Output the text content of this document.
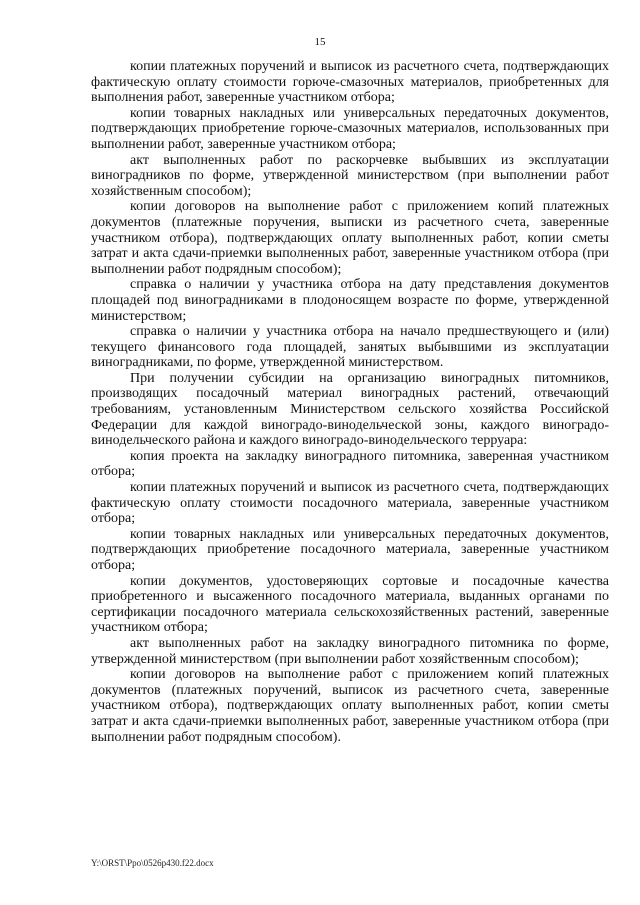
15

копии платежных поручений и выписок из расчетного счета, подтверждающих фактическую оплату стоимости горюче-смазочных материалов, приобретенных для выполнения работ, заверенные участником отбора;

копии товарных накладных или универсальных передаточных документов, подтверждающих приобретение горюче-смазочных материалов, использованных при выполнении работ, заверенные участником отбора;

акт выполненных работ по раскорчевке выбывших из эксплуатации виноградников по форме, утвержденной министерством (при выполнении работ хозяйственным способом);

копии договоров на выполнение работ с приложением копий платежных документов (платежные поручения, выписки из расчетного счета, заверенные участником отбора), подтверждающих оплату выполненных работ, копии сметы затрат и акта сдачи-приемки выполненных работ, заверенные участником отбора (при выполнении работ подрядным способом);

справка о наличии у участника отбора на дату представления документов площадей под виноградниками в плодоносящем возрасте по форме, утвержденной министерством;

справка о наличии у участника отбора на начало предшествующего и (или) текущего финансового года площадей, занятых выбывшими из эксплуатации виноградниками, по форме, утвержденной министерством.

При получении субсидии на организацию виноградных питомников, производящих посадочный материал виноградных растений, отвечающий требованиям, установленным Министерством сельского хозяйства Российской Федерации для каждой виноградо-винодельческой зоны, каждого виноградо-винодельческого района и каждого виноградо-винодельческого терруара:

копия проекта на закладку виноградного питомника, заверенная участником отбора;

копии платежных поручений и выписок из расчетного счета, подтверждающих фактическую оплату стоимости посадочного материала, заверенные участником отбора;

копии товарных накладных или универсальных передаточных документов, подтверждающих приобретение посадочного материала, заверенные участником отбора;

копии документов, удостоверяющих сортовые и посадочные качества приобретенного и высаженного посадочного материала, выданных органами по сертификации посадочного материала сельскохозяйственных растений, заверенные участником отбора;

акт выполненных работ на закладку виноградного питомника по форме, утвержденной министерством (при выполнении работ хозяйственным способом);

копии договоров на выполнение работ с приложением копий платежных документов (платежных поручений, выписок из расчетного счета, заверенные участником отбора), подтверждающих оплату выполненных работ, копии сметы затрат и акта сдачи-приемки выполненных работ, заверенные участником отбора (при выполнении работ подрядным способом).

Y:\ORST\Ppo\0526p430.f22.docx
